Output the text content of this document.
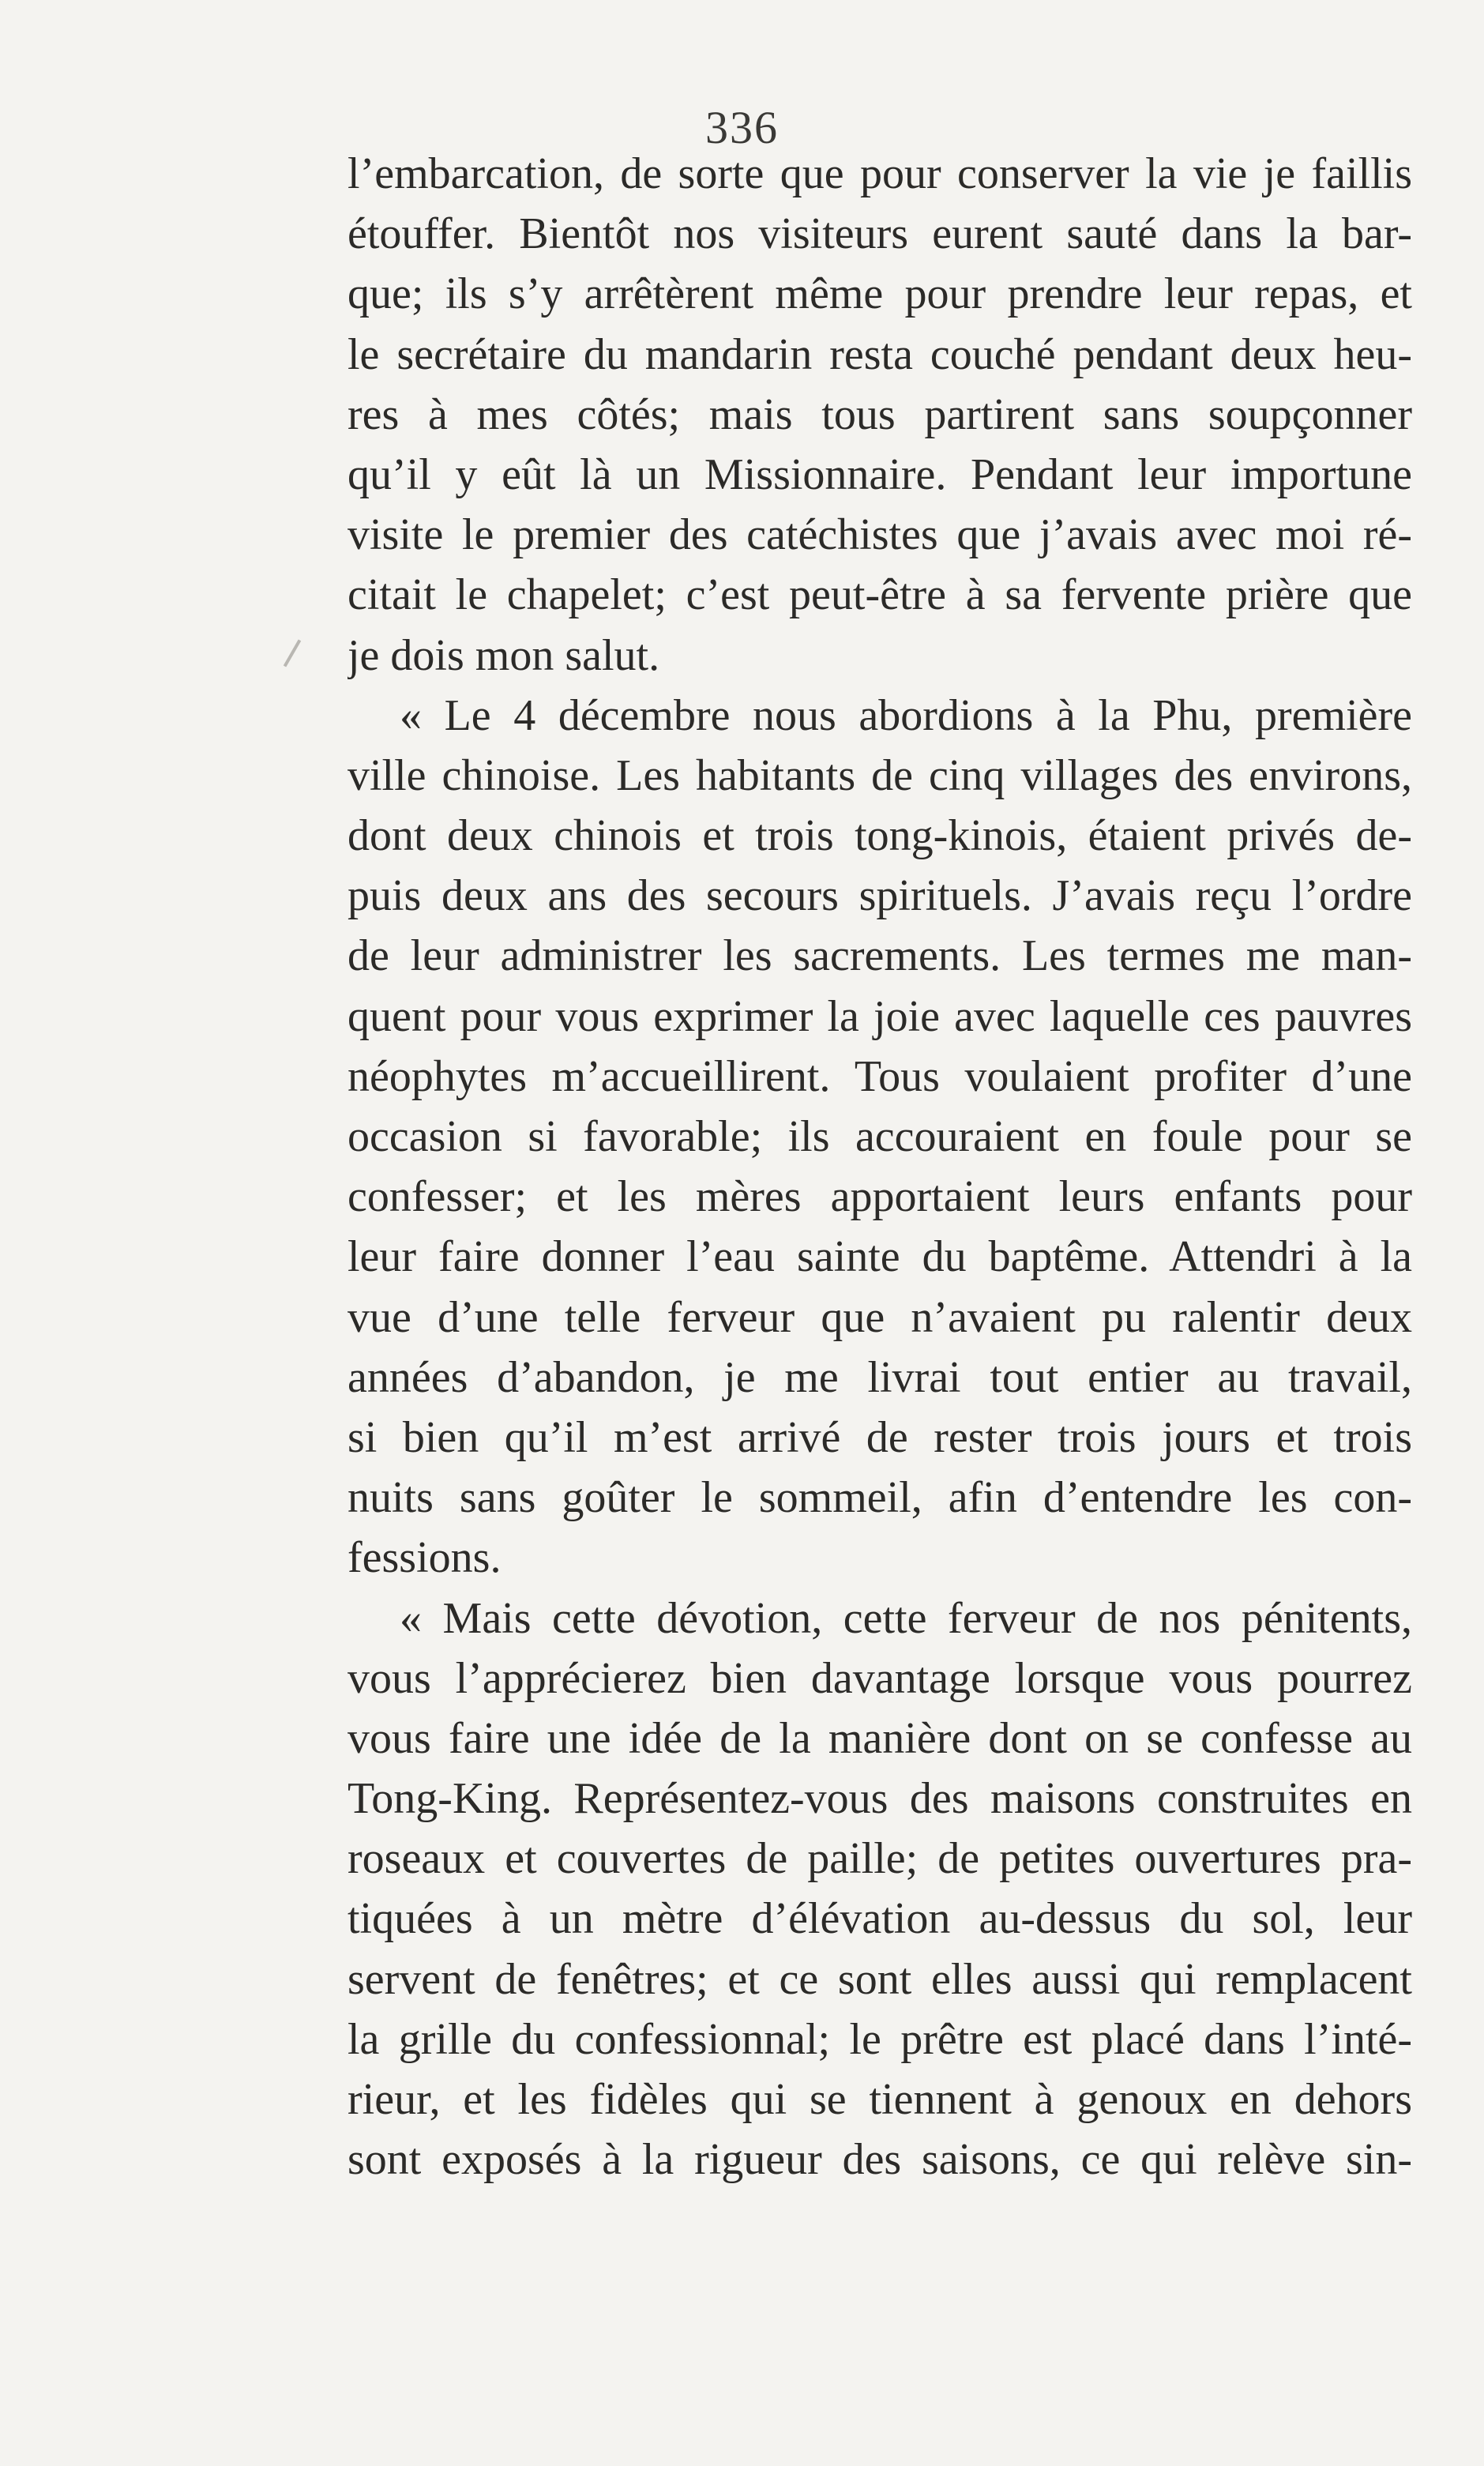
336
l’embarcation, de sorte que pour conserver la vie je faillis
étouffer. Bientôt nos visiteurs eurent sauté dans la bar-
que; ils s’y arrêtèrent même pour prendre leur repas, et
le secrétaire du mandarin resta couché pendant deux heu-
res à mes côtés; mais tous partirent sans soupçonner
qu’il y eût là un Missionnaire. Pendant leur importune
visite le premier des catéchistes que j’avais avec moi ré-
citait le chapelet; c’est peut-être à sa fervente prière que
je dois mon salut.
« Le 4 décembre nous abordions à la Phu, première
ville chinoise. Les habitants de cinq villages des environs,
dont deux chinois et trois tong-kinois, étaient privés de-
puis deux ans des secours spirituels. J’avais reçu l’ordre
de leur administrer les sacrements. Les termes me man-
quent pour vous exprimer la joie avec laquelle ces pauvres
néophytes m’accueillirent. Tous voulaient profiter d’une
occasion si favorable; ils accouraient en foule pour se
confesser; et les mères apportaient leurs enfants pour
leur faire donner l’eau sainte du baptême. Attendri à la
vue d’une telle ferveur que n’avaient pu ralentir deux
années d’abandon, je me livrai tout entier au travail,
si bien qu’il m’est arrivé de rester trois jours et trois
nuits sans goûter le sommeil, afin d’entendre les con-
fessions.
« Mais cette dévotion, cette ferveur de nos pénitents,
vous l’apprécierez bien davantage lorsque vous pourrez
vous faire une idée de la manière dont on se confesse au
Tong-King. Représentez-vous des maisons construites en
roseaux et couvertes de paille; de petites ouvertures pra-
tiquées à un mètre d’élévation au-dessus du sol, leur
servent de fenêtres; et ce sont elles aussi qui remplacent
la grille du confessionnal; le prêtre est placé dans l’inté-
rieur, et les fidèles qui se tiennent à genoux en dehors
sont exposés à la rigueur des saisons, ce qui relève sin-
